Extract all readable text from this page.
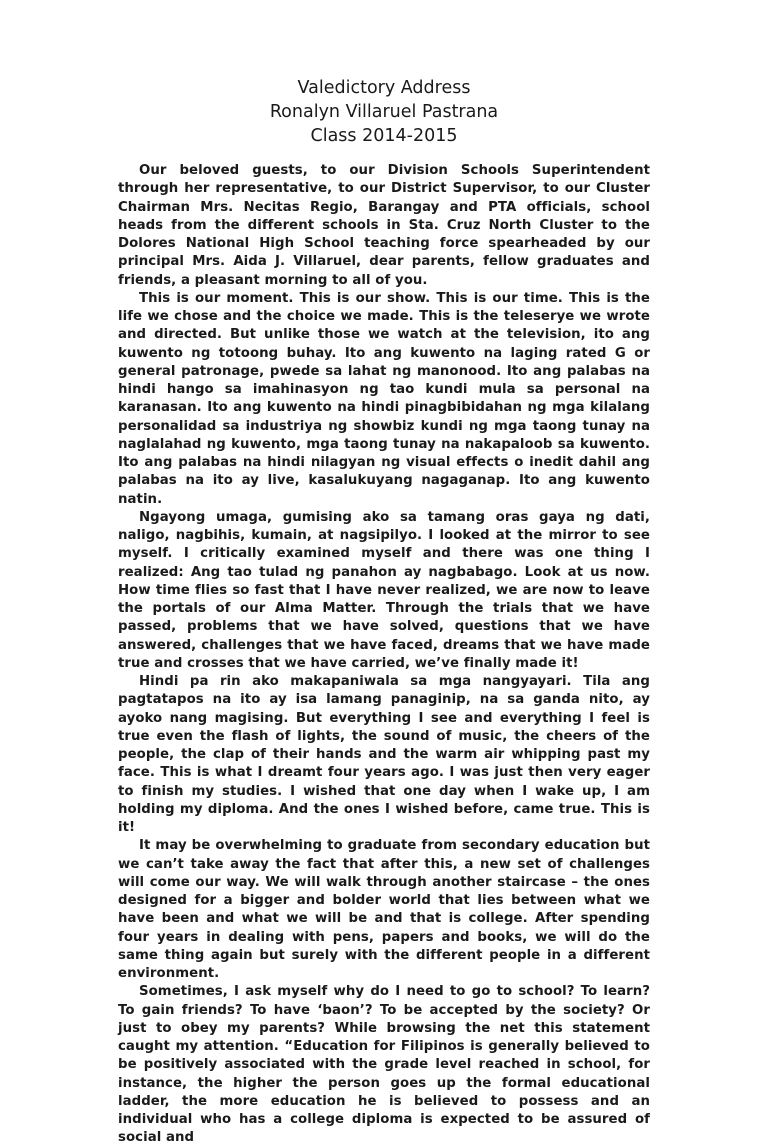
Valedictory Address
Ronalyn Villaruel Pastrana
Class 2014-2015

Our beloved guests, to our Division Schools Superintendent through her representative, to our District Supervisor, to our Cluster Chairman Mrs. Necitas Regio, Barangay and PTA officials, school heads from the different schools in Sta. Cruz North Cluster to the Dolores National High School teaching force spearheaded by our principal Mrs. Aida J. Villaruel, dear parents, fellow graduates and friends, a pleasant morning to all of you.

This is our moment. This is our show. This is our time. This is the life we chose and the choice we made. This is the teleserye we wrote and directed. But unlike those we watch at the television, ito ang kuwento ng totoong buhay. Ito ang kuwento na laging rated G or general patronage, pwede sa lahat ng manonood. Ito ang palabas na hindi hango sa imahinasyon ng tao kundi mula sa personal na karanasan. Ito ang kuwento na hindi pinagbibidahan ng mga kilalang personalidad sa industriya ng showbiz kundi ng mga taong tunay na naglalahad ng kuwento, mga taong tunay na nakapaloob sa kuwento. Ito ang palabas na hindi nilagyan ng visual effects o inedit dahil ang palabas na ito ay live, kasalukuyang nagaganap. Ito ang kuwento natin.

Ngayong umaga, gumising ako sa tamang oras gaya ng dati, naligo, nagbihis, kumain, at nagsipilyo. I looked at the mirror to see myself. I critically examined myself and there was one thing I realized: Ang tao tulad ng panahon ay nagbabago. Look at us now. How time flies so fast that I have never realized, we are now to leave the portals of our Alma Matter. Through the trials that we have passed, problems that we have solved, questions that we have answered, challenges that we have faced, dreams that we have made true and crosses that we have carried, we’ve finally made it!

Hindi pa rin ako makapaniwala sa mga nangyayari. Tila ang pagtatapos na ito ay isa lamang panaginip, na sa ganda nito, ay ayoko nang magising. But everything I see and everything I feel is true even the flash of lights, the sound of music, the cheers of the people, the clap of their hands and the warm air whipping past my face. This is what I dreamt four years ago. I was just then very eager to finish my studies. I wished that one day when I wake up, I am holding my diploma. And the ones I wished before, came true. This is it!

It may be overwhelming to graduate from secondary education but we can’t take away the fact that after this, a new set of challenges will come our way. We will walk through another staircase – the ones designed for a bigger and bolder world that lies between what we have been and what we will be and that is college. After spending four years in dealing with pens, papers and books, we will do the same thing again but surely with the different people in a different environment.

Sometimes, I ask myself why do I need to go to school? To learn? To gain friends? To have ‘baon’? To be accepted by the society? Or just to obey my parents? While browsing the net this statement caught my attention. “Education for Filipinos is generally believed to be positively associated with the grade level reached in school, for instance, the higher the person goes up the formal educational ladder, the more education he is believed to possess and an individual who has a college diploma is expected to be assured of social and
